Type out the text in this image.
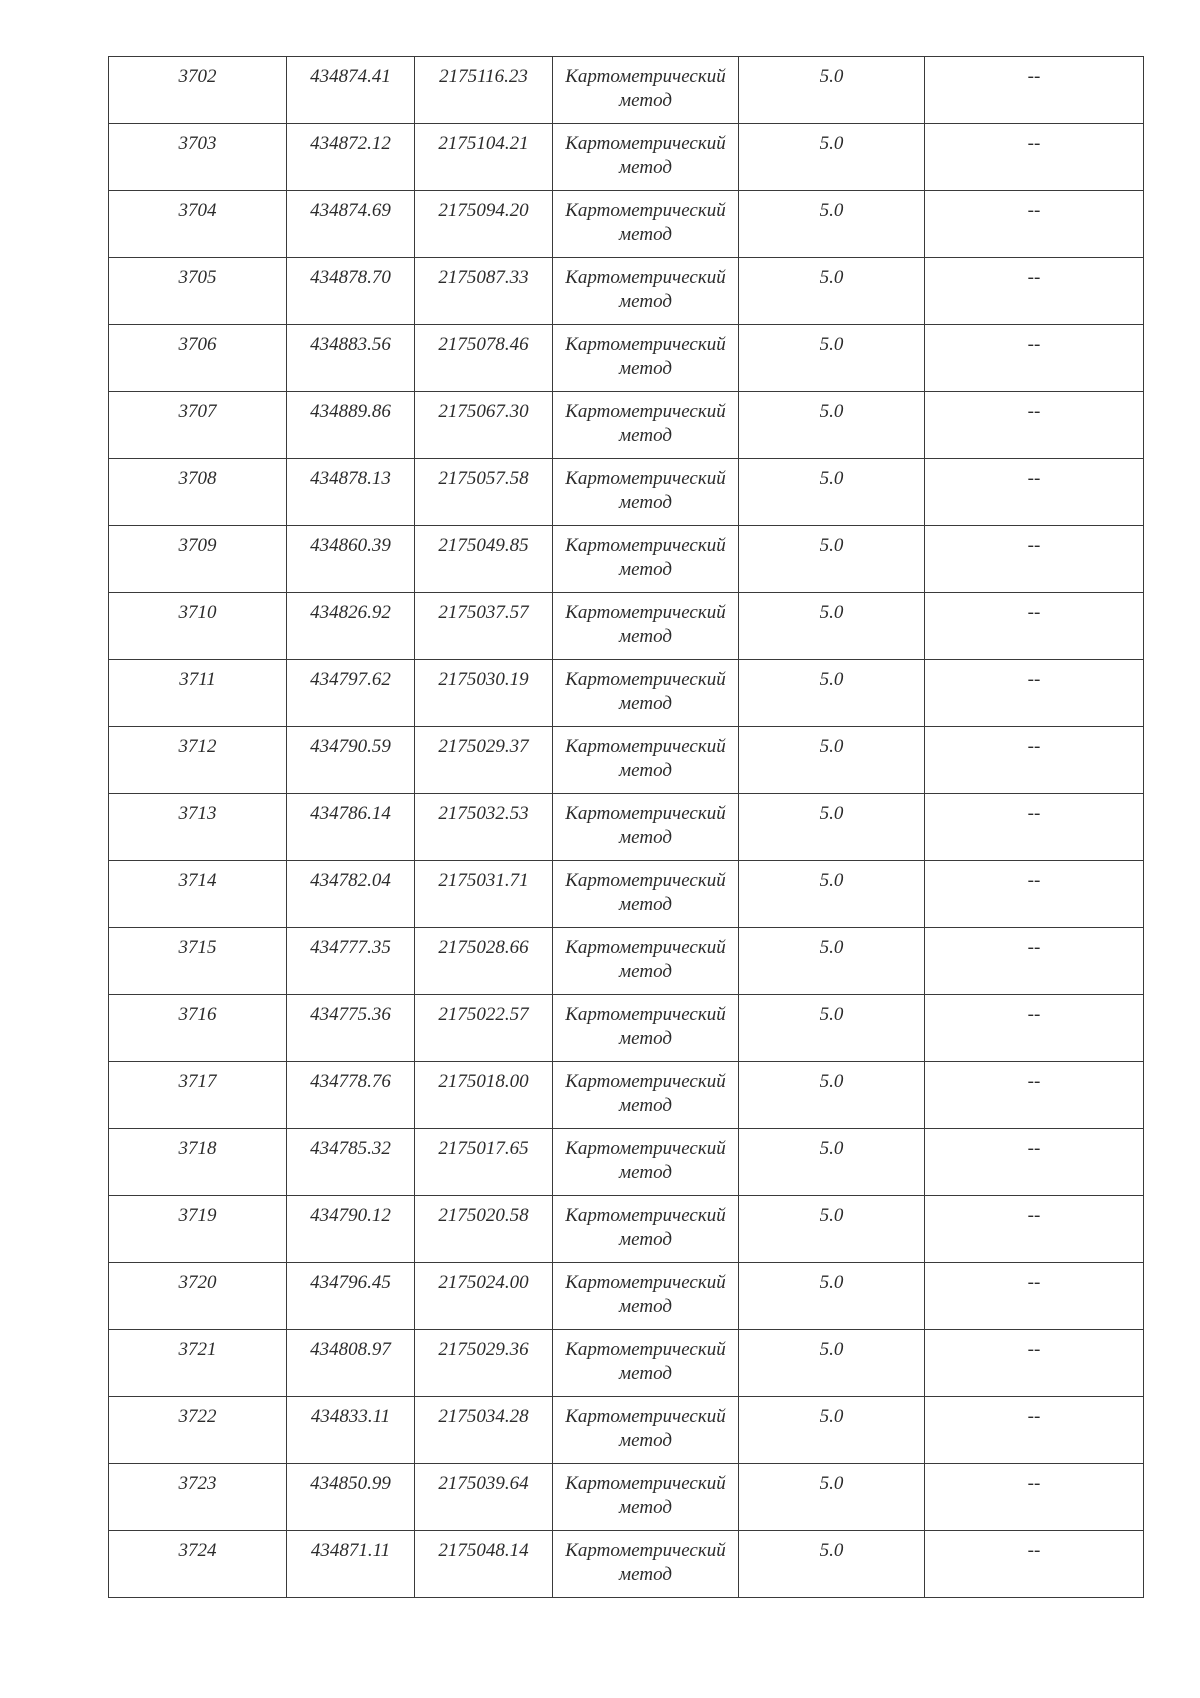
3702	434874.41	2175116.23	Картометрический
метод	5.0	--
3703	434872.12	2175104.21	Картометрический
метод	5.0	--
3704	434874.69	2175094.20	Картометрический
метод	5.0	--
3705	434878.70	2175087.33	Картометрический
метод	5.0	--
3706	434883.56	2175078.46	Картометрический
метод	5.0	--
3707	434889.86	2175067.30	Картометрический
метод	5.0	--
3708	434878.13	2175057.58	Картометрический
метод	5.0	--
3709	434860.39	2175049.85	Картометрический
метод	5.0	--
3710	434826.92	2175037.57	Картометрический
метод	5.0	--
3711	434797.62	2175030.19	Картометрический
метод	5.0	--
3712	434790.59	2175029.37	Картометрический
метод	5.0	--
3713	434786.14	2175032.53	Картометрический
метод	5.0	--
3714	434782.04	2175031.71	Картометрический
метод	5.0	--
3715	434777.35	2175028.66	Картометрический
метод	5.0	--
3716	434775.36	2175022.57	Картометрический
метод	5.0	--
3717	434778.76	2175018.00	Картометрический
метод	5.0	--
3718	434785.32	2175017.65	Картометрический
метод	5.0	--
3719	434790.12	2175020.58	Картометрический
метод	5.0	--
3720	434796.45	2175024.00	Картометрический
метод	5.0	--
3721	434808.97	2175029.36	Картометрический
метод	5.0	--
3722	434833.11	2175034.28	Картометрический
метод	5.0	--
3723	434850.99	2175039.64	Картометрический
метод	5.0	--
3724	434871.11	2175048.14	Картометрический
метод	5.0	--
